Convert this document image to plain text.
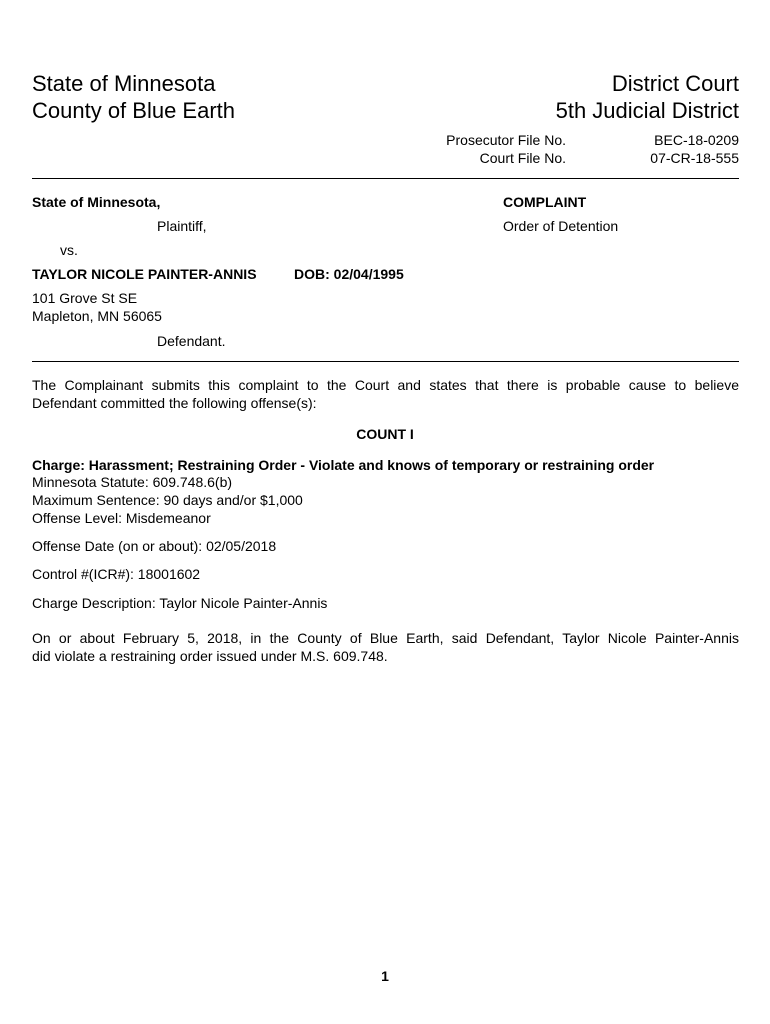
State of Minnesota
County of Blue Earth
District Court
5th Judicial District
Prosecutor File No.
Court File No.
BEC-18-0209
07-CR-18-555
State of Minnesota,
Plaintiff,
vs.
TAYLOR NICOLE PAINTER-ANNIS	DOB: 02/04/1995
101 Grove St SE
Mapleton, MN 56065
Defendant.
COMPLAINT
Order of Detention
The Complainant submits this complaint to the Court and states that there is probable cause to believe
Defendant committed the following offense(s):
COUNT I
Charge: Harassment; Restraining Order - Violate and knows of temporary or restraining order
Minnesota Statute: 609.748.6(b)
Maximum Sentence: 90 days and/or $1,000
Offense Level: Misdemeanor
Offense Date (on or about): 02/05/2018
Control #(ICR#): 18001602
Charge Description: Taylor Nicole Painter-Annis
On or about February 5, 2018, in the County of Blue Earth, said Defendant, Taylor Nicole Painter-Annis
did violate a restraining order issued under M.S. 609.748.
1
